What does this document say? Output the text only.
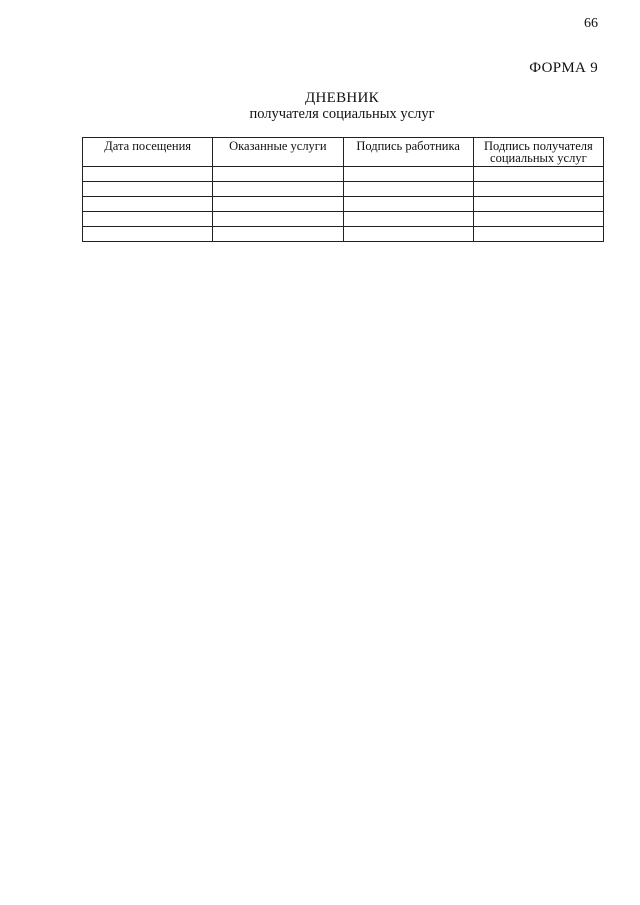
66
ФОРМА 9
ДНЕВНИК
получателя социальных услуг
Дата посещения	Оказанные услуги	Подпись работника	Подпись получателя социальных услуг
